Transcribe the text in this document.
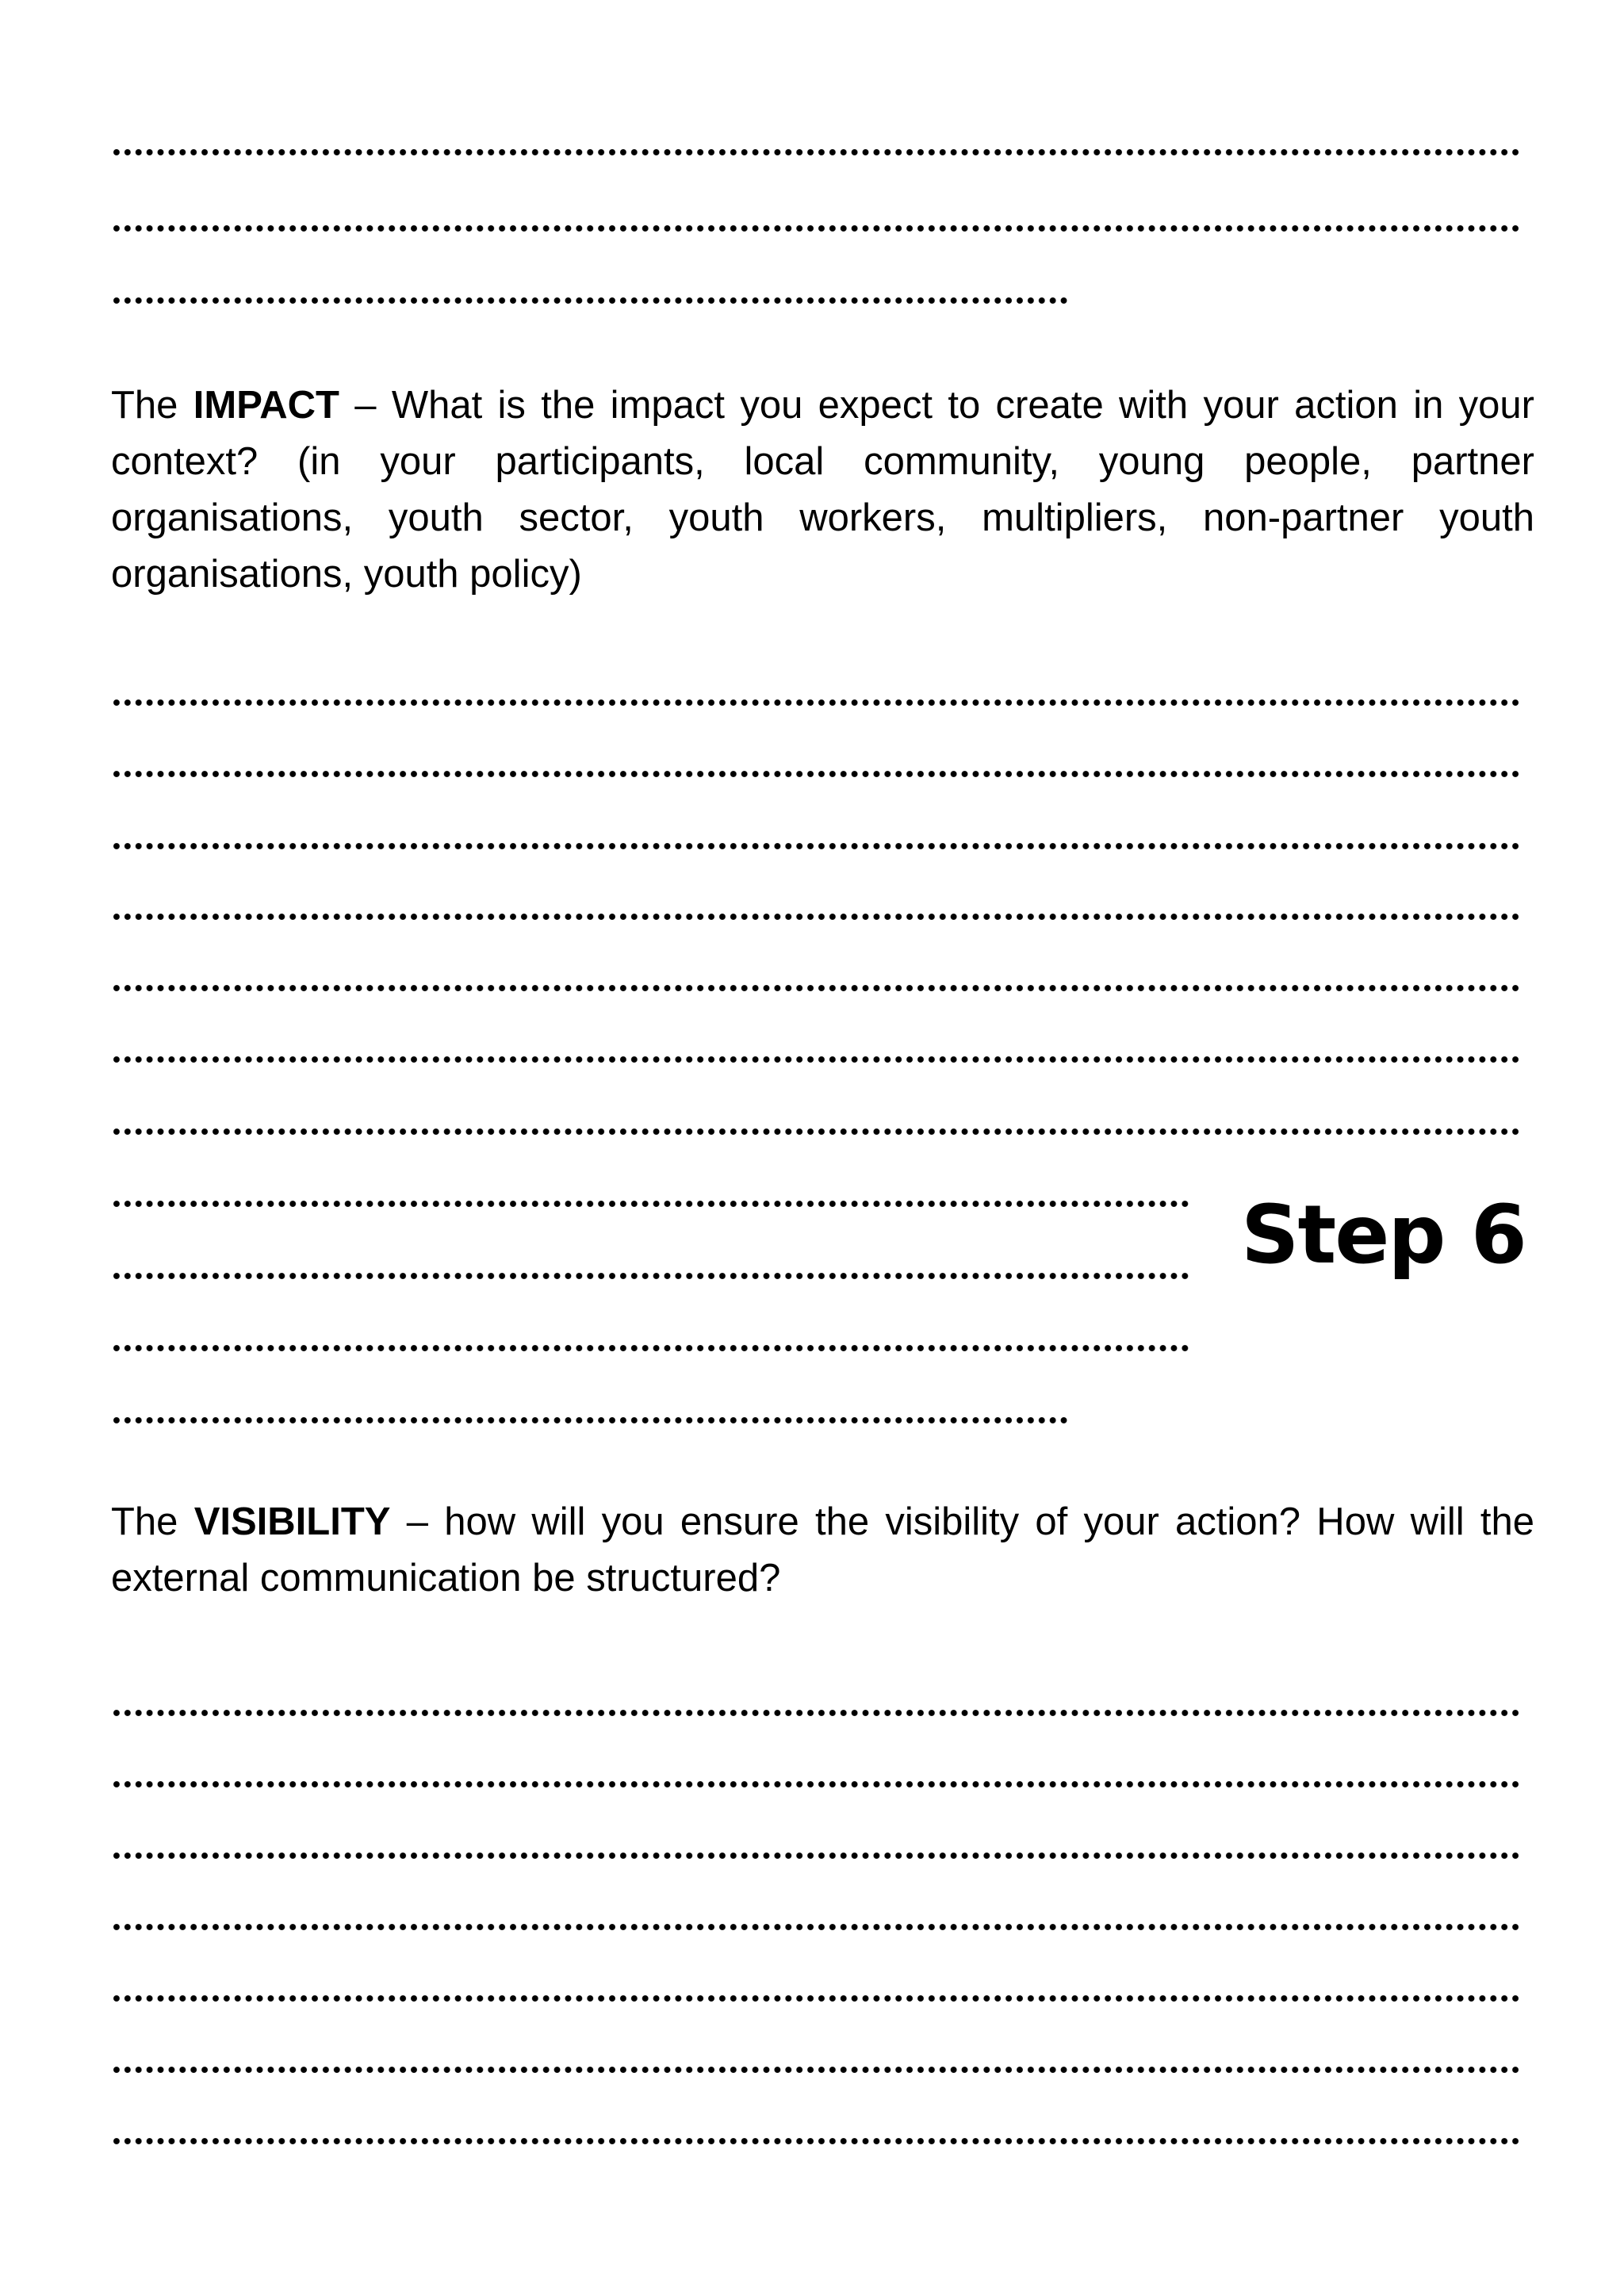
The IMPACT – What is the impact you expect to create with your action in your context? (in your participants, local community, young people, partner organisations, youth sector, youth workers, multipliers, non-partner youth organisations, youth policy)

Step 6

The VISIBILITY – how will you ensure the visibility of your action? How will the external communication be structured?
